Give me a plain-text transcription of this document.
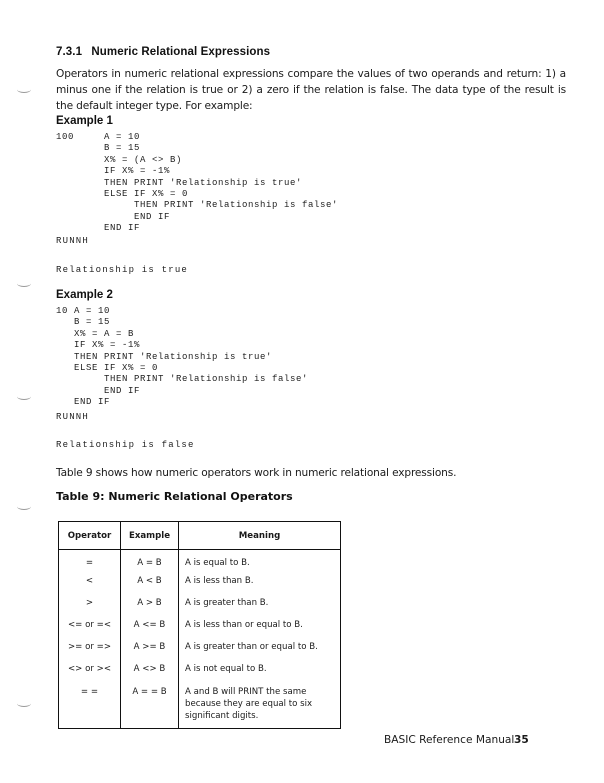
7.3.1 Numeric Relational Expressions
Operators in numeric relational expressions compare the values of two operands and return: 1) a minus one if the relation is true or 2) a zero if the relation is false. The data type of the result is the default integer type. For example:
Example 1
100     A = 10
B = 15
X% = (A <> B)
IF X% = -1%
THEN PRINT 'Relationship is true'
ELSE IF X% = 0
THEN PRINT 'Relationship is false'
END IF
END IF
RUNNH
Relationship is true
Example 2
10 A = 10
B = 15
X% = A = B
IF X% = -1%
THEN PRINT 'Relationship is true'
ELSE IF X% = 0
THEN PRINT 'Relationship is false'
END IF
END IF
RUNNH
Relationship is false
Table 9 shows how numeric operators work in numeric relational expressions.
Table 9: Numeric Relational Operators
Operator	Example	Meaning
=	A = B	A is equal to B.
<	A < B	A is less than B.
>	A > B	A is greater than B.
<= or =<	A <= B	A is less than or equal to B.
>= or =>	A >= B	A is greater than or equal to B.
<> or ><	A <> B	A is not equal to B.
= =	A = = B	A and B will PRINT the same because they are equal to six significant digits.
BASIC Reference Manual 35
